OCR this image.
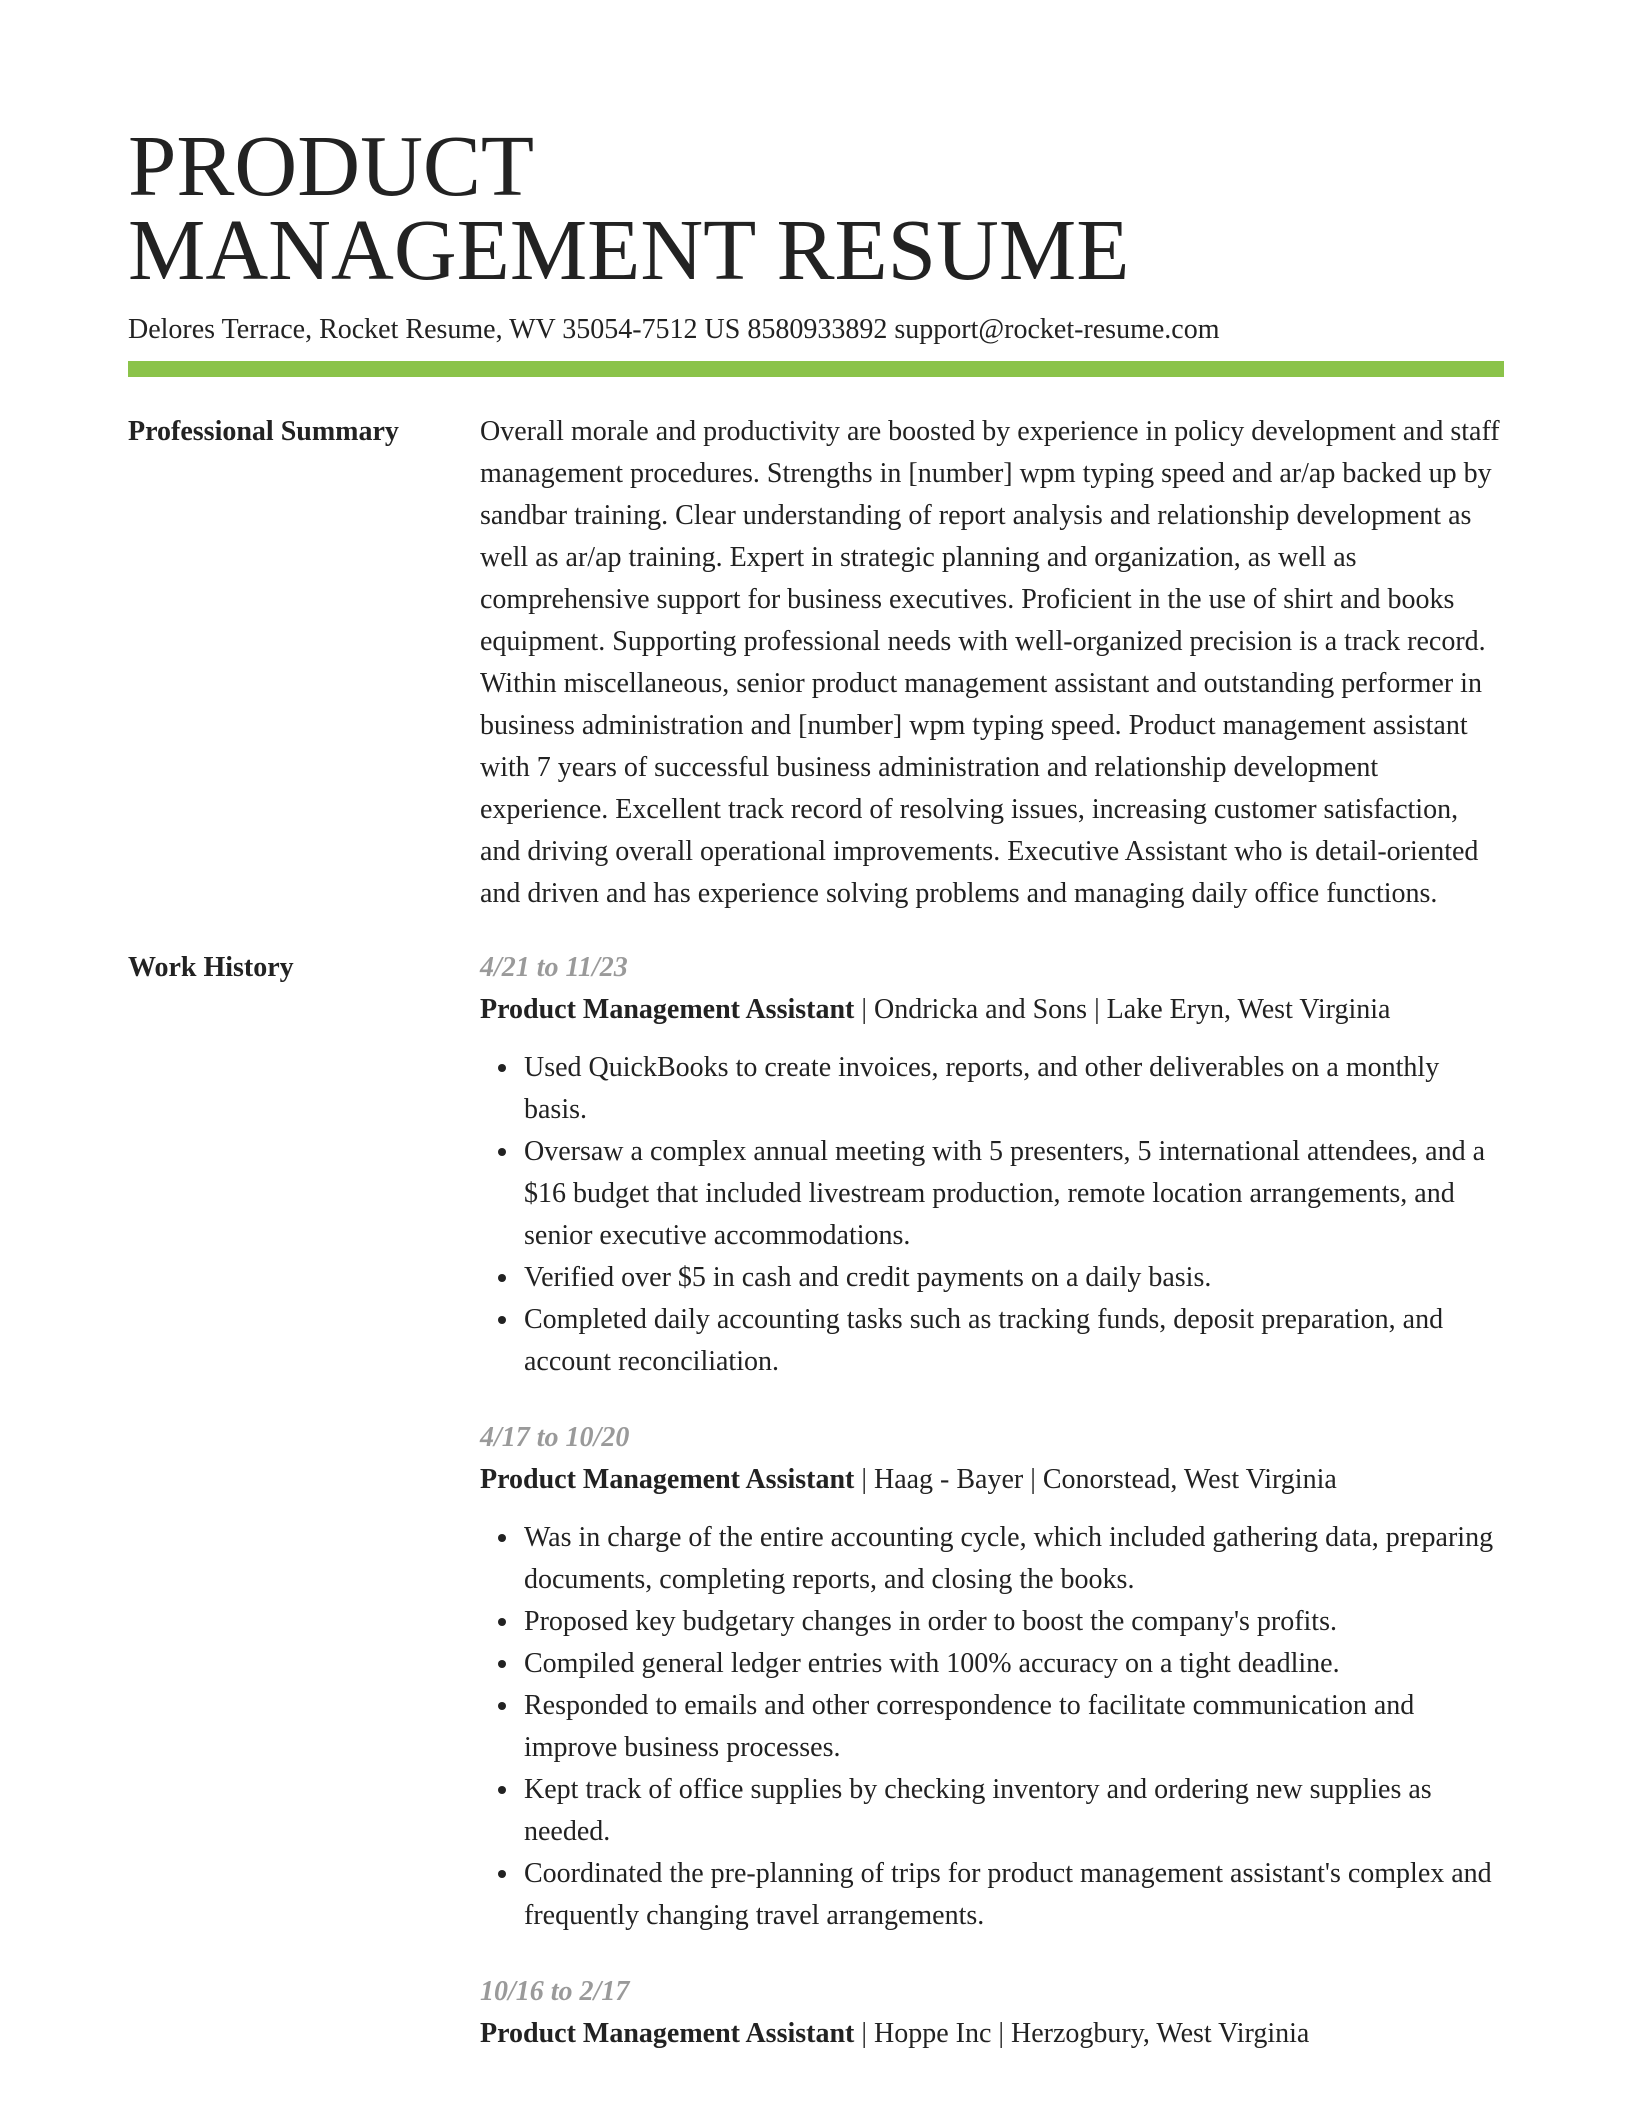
PRODUCT
MANAGEMENT RESUME
Delores Terrace, Rocket Resume, WV 35054-7512 US 8580933892 support@rocket-resume.com
Professional Summary	Overall morale and productivity are boosted by experience in policy development and staff management procedures. Strengths in [number] wpm typing speed and ar/ap backed up by sandbar training. Clear understanding of report analysis and relationship development as well as ar/ap training. Expert in strategic planning and organization, as well as comprehensive support for business executives. Proficient in the use of shirt and books equipment. Supporting professional needs with well-organized precision is a track record. Within miscellaneous, senior product management assistant and outstanding performer in business administration and [number] wpm typing speed. Product management assistant with 7 years of successful business administration and relationship development experience. Excellent track record of resolving issues, increasing customer satisfaction, and driving overall operational improvements. Executive Assistant who is detail-oriented and driven and has experience solving problems and managing daily office functions.

Work History	4/21 to 11/23
Product Management Assistant | Ondricka and Sons | Lake Eryn, West Virginia
Used QuickBooks to create invoices, reports, and other deliverables on a monthly basis.
Oversaw a complex annual meeting with 5 presenters, 5 international attendees, and a $16 budget that included livestream production, remote location arrangements, and senior executive accommodations.
Verified over $5 in cash and credit payments on a daily basis.
Completed daily accounting tasks such as tracking funds, deposit preparation, and account reconciliation.
4/17 to 10/20
Product Management Assistant | Haag - Bayer | Conorstead, West Virginia
Was in charge of the entire accounting cycle, which included gathering data, preparing documents, completing reports, and closing the books.
Proposed key budgetary changes in order to boost the company's profits.
Compiled general ledger entries with 100% accuracy on a tight deadline.
Responded to emails and other correspondence to facilitate communication and improve business processes.
Kept track of office supplies by checking inventory and ordering new supplies as needed.
Coordinated the pre-planning of trips for product management assistant's complex and frequently changing travel arrangements.
10/16 to 2/17
Product Management Assistant | Hoppe Inc | Herzogbury, West Virginia
